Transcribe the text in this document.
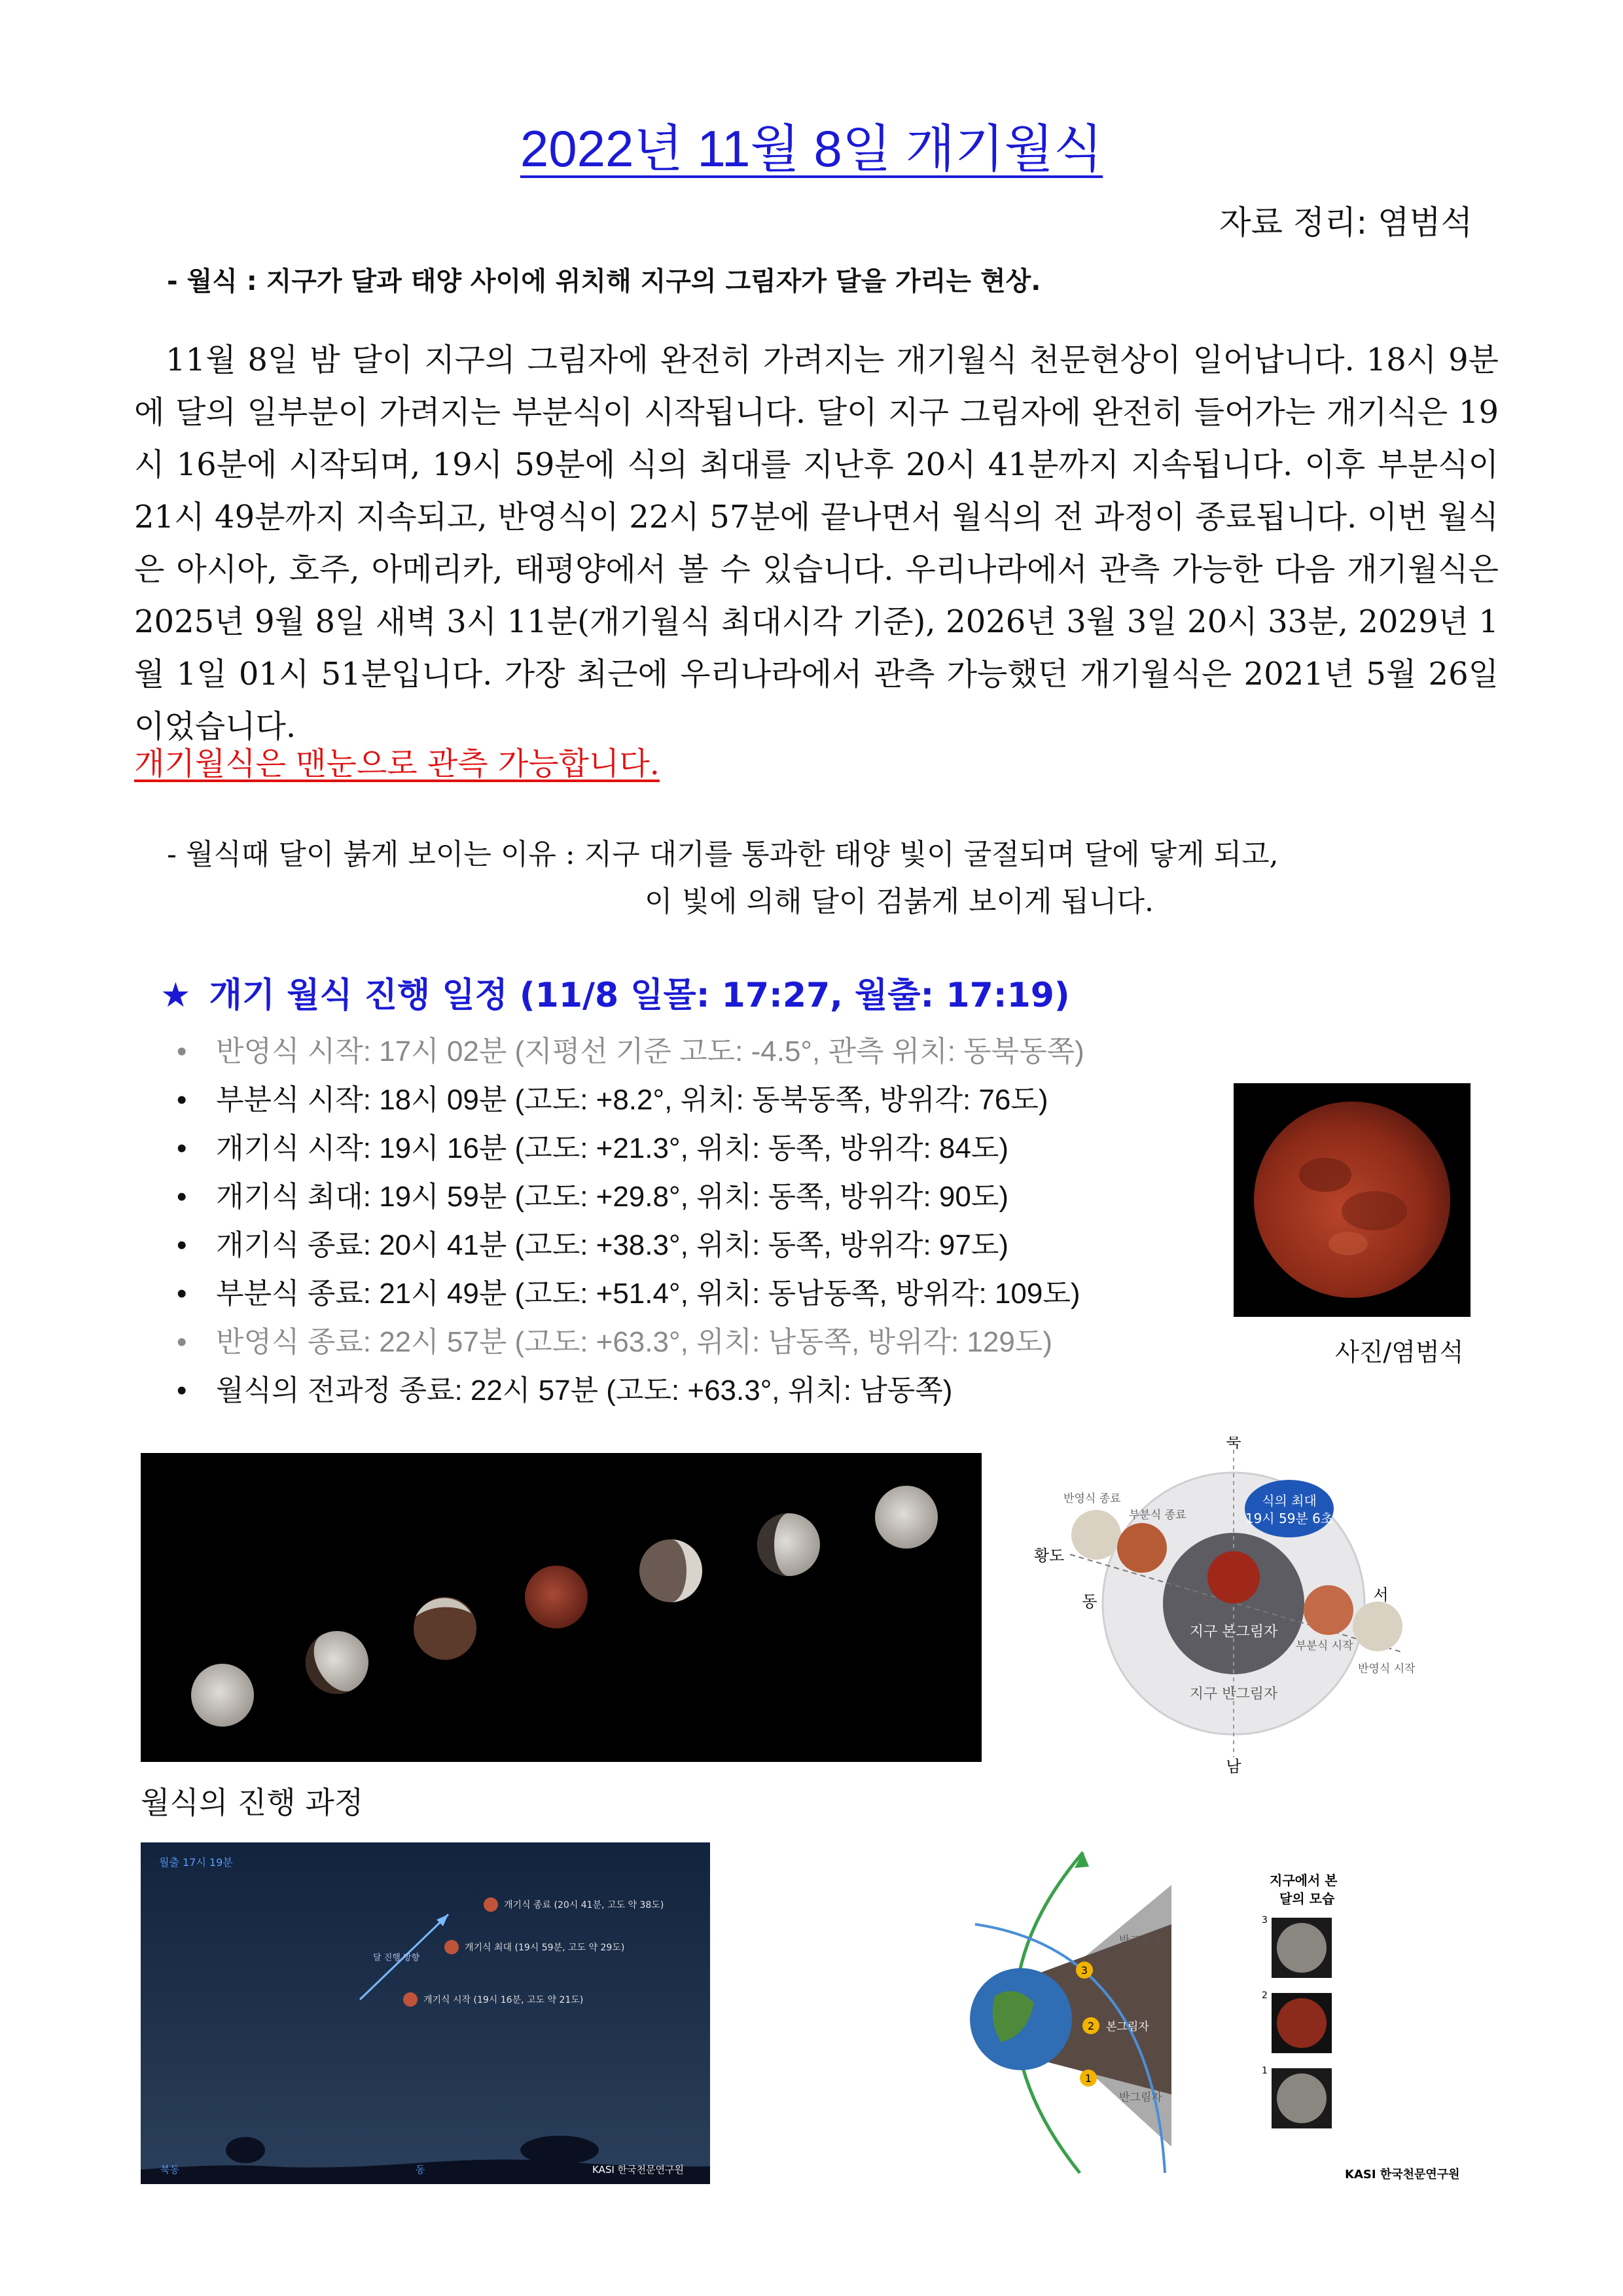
2022년 11월 8일 개기월식
자료 정리: 염범석
- 월식 : 지구가 달과 태양 사이에 위치해 지구의 그림자가 달을 가리는 현상.

 11월 8일 밤 달이 지구의 그림자에 완전히 가려지는 개기월식 천문현상이 일어납니다. 18시 9분에 달의 일부분이 가려지는 부분식이 시작됩니다. 달이 지구 그림자에 완전히 들어가는 개기식은 19시 16분에 시작되며, 19시 59분에 식의 최대를 지난후 20시 41분까지 지속됩니다. 이후 부분식이 21시 49분까지 지속되고, 반영식이 22시 57분에 끝나면서 월식의 전 과정이 종료됩니다. 이번 월식은 아시아, 호주, 아메리카, 태평양에서 볼 수 있습니다. 우리나라에서 관측 가능한 다음 개기월식은 2025년 9월 8일 새벽 3시 11분(개기월식 최대시각 기준), 2026년 3월 3일 20시 33분, 2029년 1월 1일 01시 51분입니다. 가장 최근에 우리나라에서 관측 가능했던 개기월식은 2021년 5월 26일이었습니다.

개기월식은 맨눈으로 관측 가능합니다.
- 월식때 달이 붉게 보이는 이유 : 지구 대기를 통과한 태양 빛이 굴절되며 달에 닿게 되고,
이 빛에 의해 달이 검붉게 보이게 됩니다.
★ 개기 월식 진행 일정 (11/8 일몰: 17:27, 월출: 17:19)
• 반영식 시작: 17시 02분 (지평선 기준 고도: -4.5°, 관측 위치: 동북동쪽)
• 부분식 시작: 18시 09분 (고도: +8.2°, 위치: 동북동쪽, 방위각: 76도)
• 개기식 시작: 19시 16분 (고도: +21.3°, 위치: 동쪽, 방위각: 84도)
• 개기식 최대: 19시 59분 (고도: +29.8°, 위치: 동쪽, 방위각: 90도)
• 개기식 종료: 20시 41분 (고도: +38.3°, 위치: 동쪽, 방위각: 97도)
• 부분식 종료: 21시 49분 (고도: +51.4°, 위치: 동남동쪽, 방위각: 109도)
• 반영식 종료: 22시 57분 (고도: +63.3°, 위치: 남동쪽, 방위각: 129도)
• 월식의 전과정 종료: 22시 57분 (고도: +63.3°, 위치: 남동쪽)
사진/염범석
월식의 진행 과정
식의 최대
19시 59분 6초
북
남
동	서
황도
지구 본그림자
지구 반그림자
반영식 종료
부분식 종료
부분식 시작
반영식 시작
월출 17시 19분
달 진행 방향
개기식 종료 (20시 41분, 고도 약 38도)
개기식 최대 (19시 59분, 고도 약 29도)
개기식 시작 (19시 16분, 고도 약 21도)
북동	동	KASI 한국천문연구원
3
2
1
반그림자
본그림자
반그림자
지구에서 본
달의 모습
3
2
1
KASI 한국천문연구원
